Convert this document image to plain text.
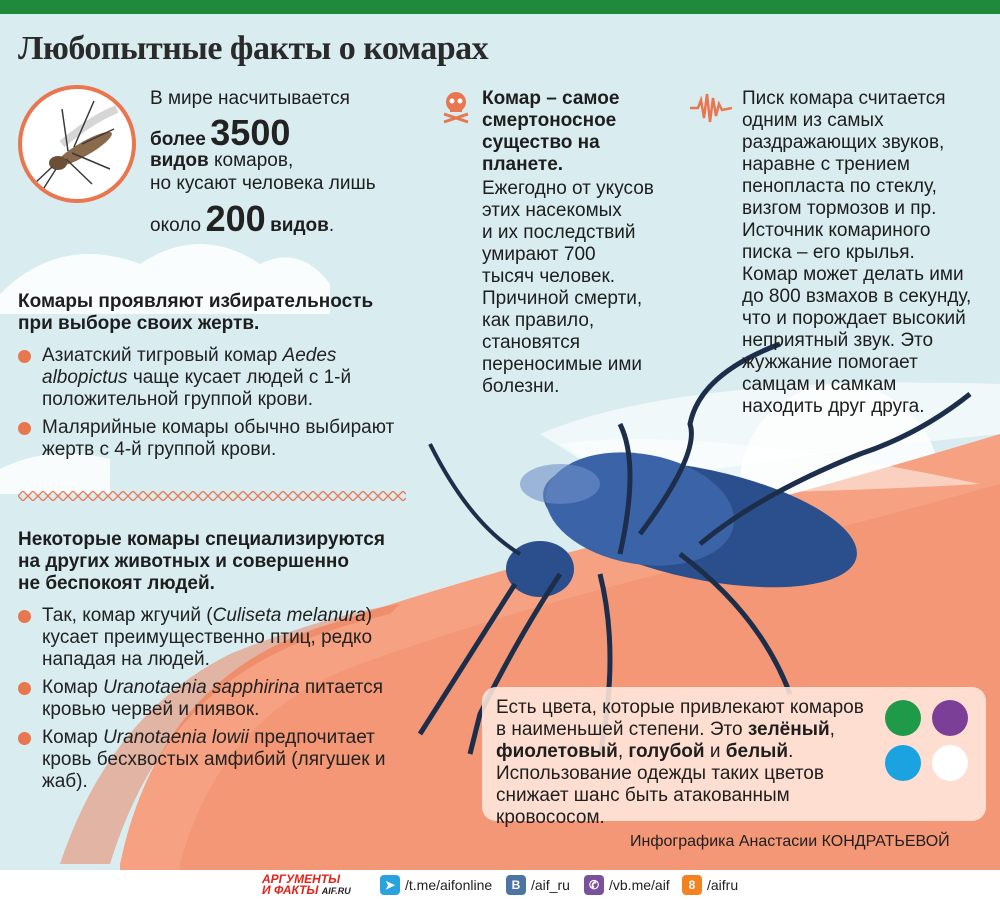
Любопытные факты о комарах
В мире насчитывается
более 3500
видов комаров,
но кусают человека лишь
около 200 видов.
Комар – самое
смертоносное
существо на
планете.
Ежегодно от укусов
этих насекомых
и их последствий
умирают 700
тысяч человек.
Причиной смерти,
как правило,
становятся
переносимые ими
болезни.
Писк комара считается
одним из самых
раздражающих звуков,
наравне с трением
пенопласта по стеклу,
визгом тормозов и пр.
Источник комариного
писка – его крылья.
Комар может делать ими
до 800 взмахов в секунду,
что и порождает высокий
неприятный звук. Это
жужжание помогает
самцам и самкам
находить друг друга.
Комары проявляют избирательность
при выборе своих жертв.
Азиатский тигровый комар Aedes albopictus чаще кусает людей с 1-й положительной группой крови.
Малярийные комары обычно выбирают жертв с 4-й группой крови.
Некоторые комары специализируются
на других животных и совершенно
не беспокоят людей.
Так, комар жгучий (Culiseta melanura) кусает преимущественно птиц, редко нападая на людей.
Комар Uranotaenia sapphirina питается кровью червей и пиявок.
Комар Uranotaenia lowii предпочитает кровь бесхвостых амфибий (лягушек и жаб).
Есть цвета, которые привлекают комаров
в наименьшей степени. Это зелёный,
фиолетовый, голубой и белый.
Использование одежды таких цветов
снижает шанс быть атакованным кровососом.
Инфографика Анастасии КОНДРАТЬЕВОЙ
АРГУМЕНТЫ
И ФАКТЫ AIF.RU	➤ /t.me/aifonline	B /aif_ru	✆ /vb.me/aif	8 /aifru
